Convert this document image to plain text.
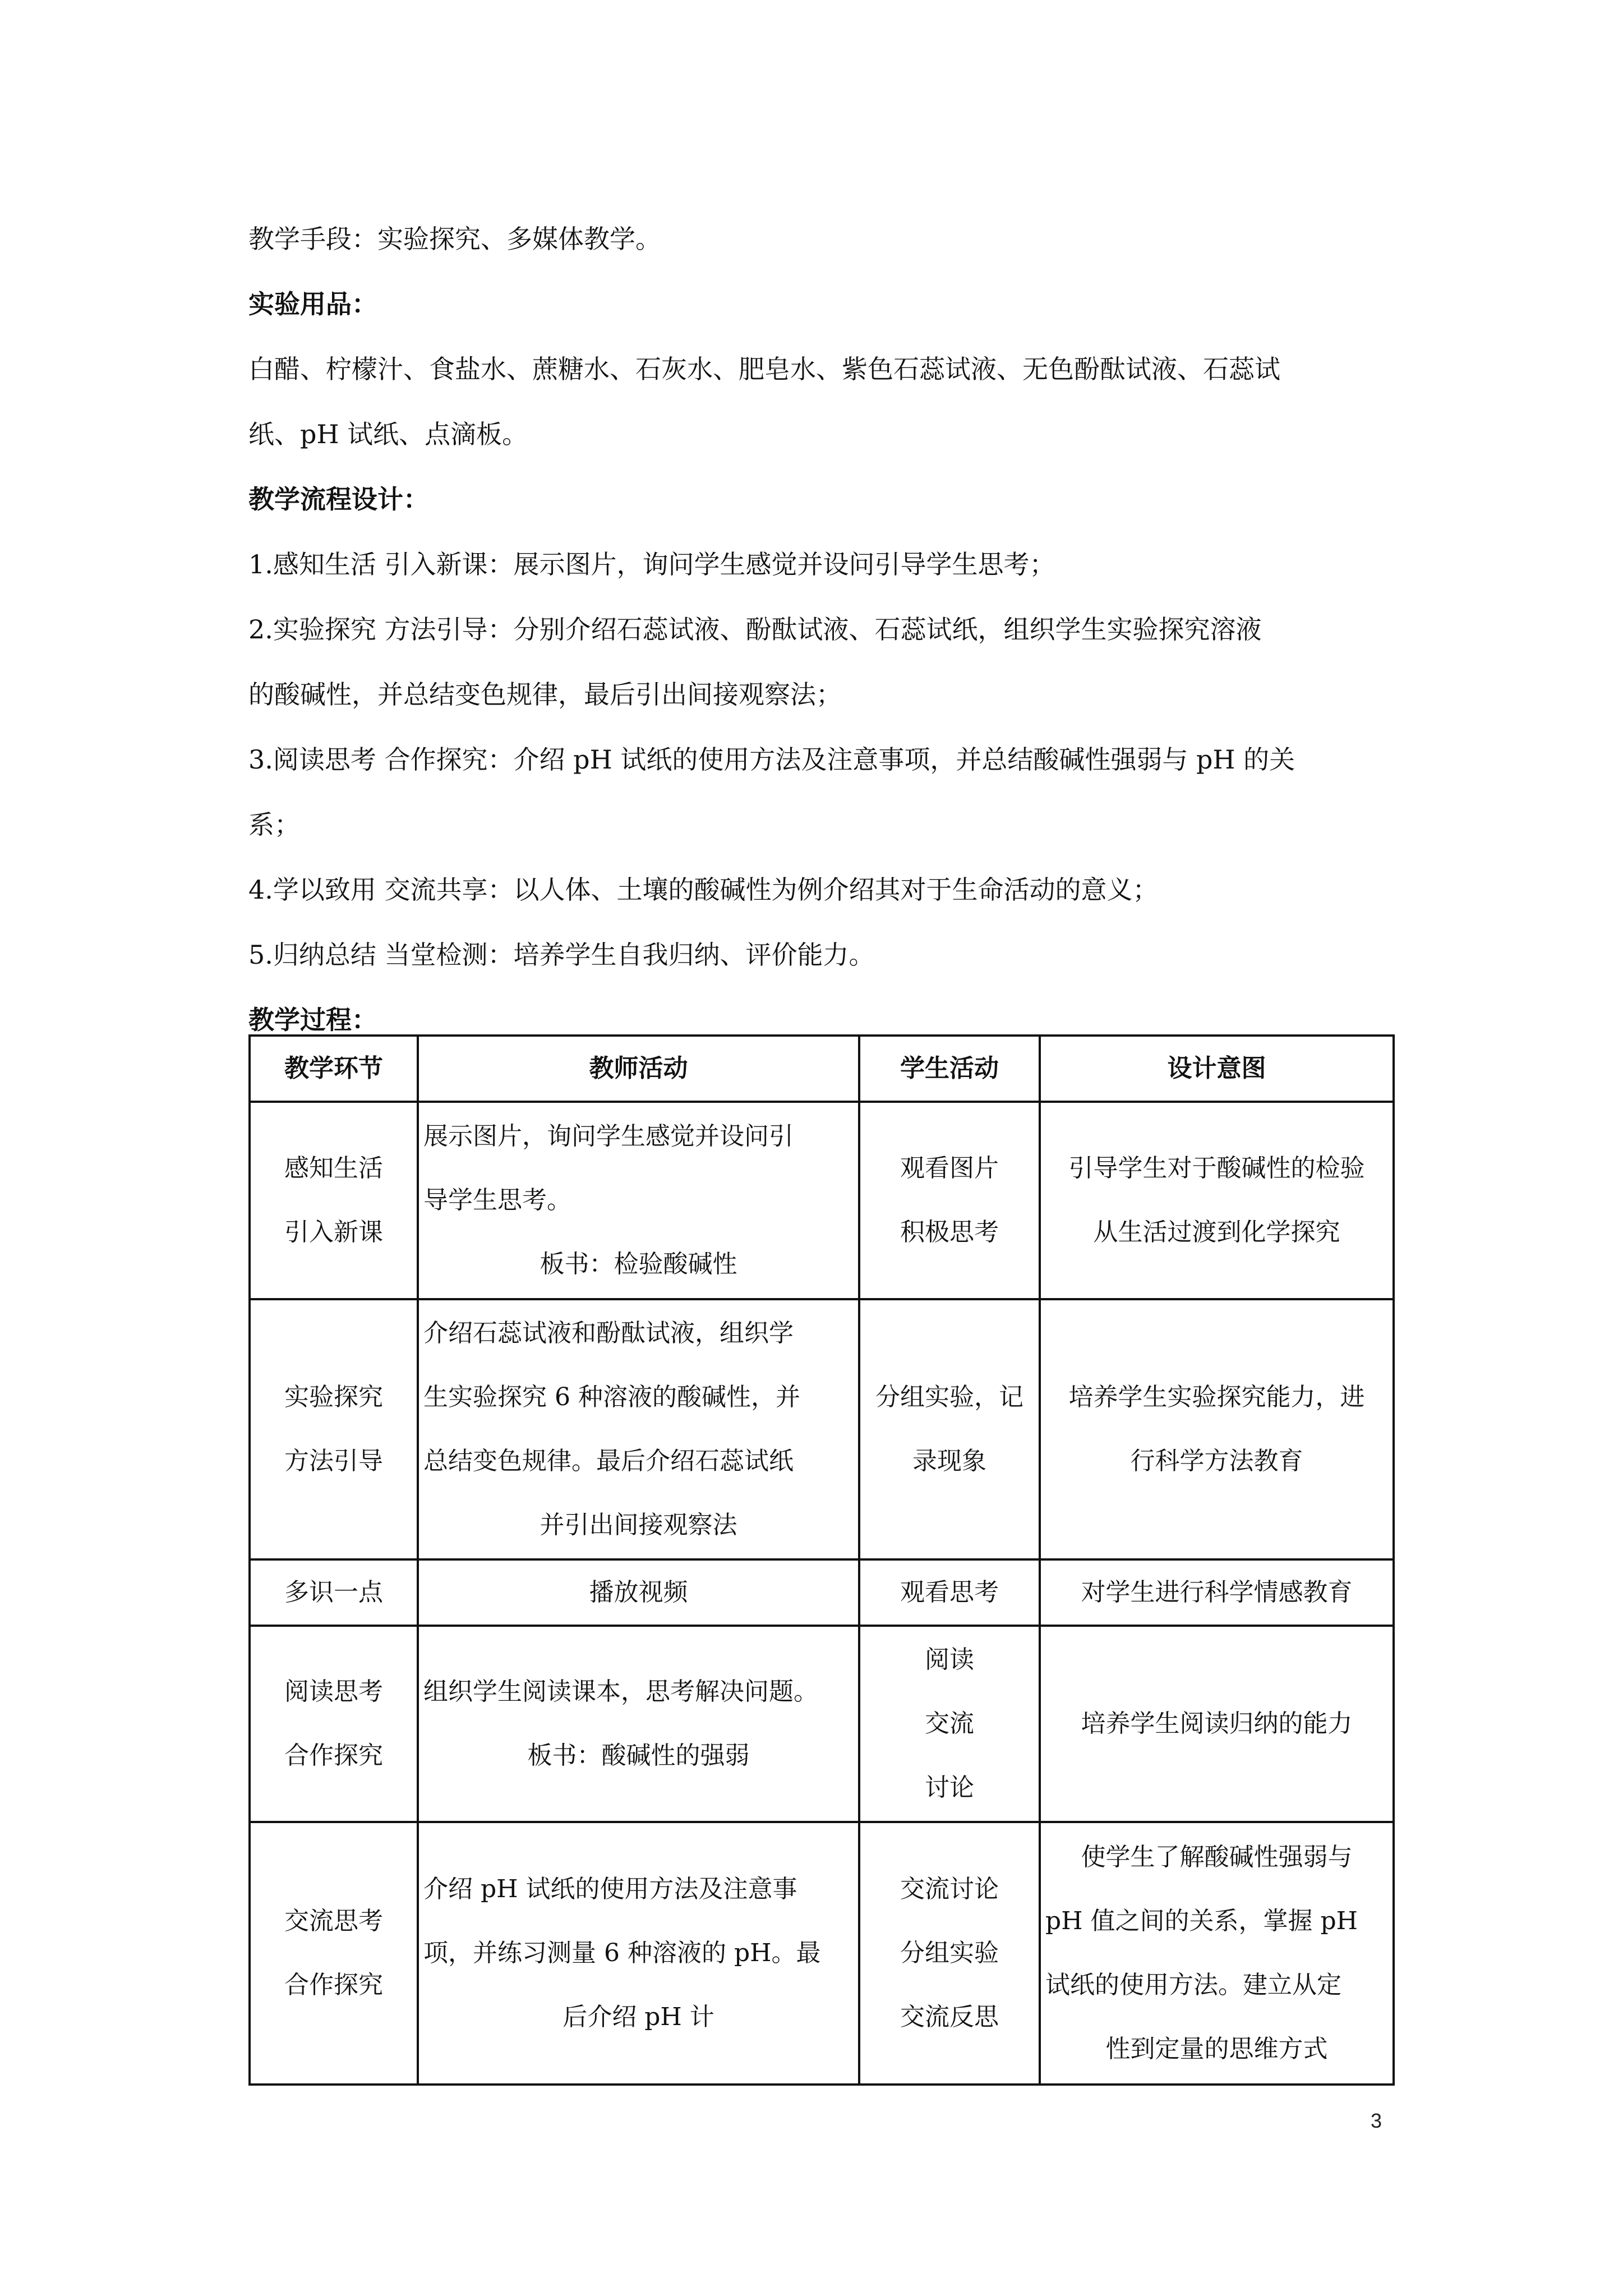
教学手段：实验探究、多媒体教学。

实验用品：

白醋、柠檬汁、食盐水、蔗糖水、石灰水、肥皂水、紫色石蕊试液、无色酚酞试液、石蕊试

纸、pH 试纸、点滴板。

教学流程设计：

1.感知生活 引入新课：展示图片，询问学生感觉并设问引导学生思考；

2.实验探究 方法引导：分别介绍石蕊试液、酚酞试液、石蕊试纸，组织学生实验探究溶液

的酸碱性，并总结变色规律，最后引出间接观察法；

3.阅读思考 合作探究：介绍 pH 试纸的使用方法及注意事项，并总结酸碱性强弱与 pH 的关

系；

4.学以致用 交流共享：以人体、土壤的酸碱性为例介绍其对于生命活动的意义；

5.归纳总结 当堂检测：培养学生自我归纳、评价能力。

教学过程：

教学环节	教师活动	学生活动	设计意图

感知生活
引入新课	展示图片，询问学生感觉并设问引
导学生思考。
板书：检验酸碱性	观看图片
积极思考	引导学生对于酸碱性的检验
从生活过渡到化学探究

实验探究
方法引导	介绍石蕊试液和酚酞试液，组织学
生实验探究 6 种溶液的酸碱性，并
总结变色规律。最后介绍石蕊试纸
并引出间接观察法	分组实验，记
录现象	培养学生实验探究能力，进
行科学方法教育

多识一点	播放视频	观看思考	对学生进行科学情感教育

阅读思考
合作探究	组织学生阅读课本，思考解决问题。
板书：酸碱性的强弱	阅读
交流
讨论	培养学生阅读归纳的能力

交流思考
合作探究	介绍 pH 试纸的使用方法及注意事
项，并练习测量 6 种溶液的 pH。最
后介绍 pH 计	交流讨论
分组实验
交流反思	使学生了解酸碱性强弱与
pH 值之间的关系，掌握 pH
试纸的使用方法。建立从定
性到定量的思维方式
3
